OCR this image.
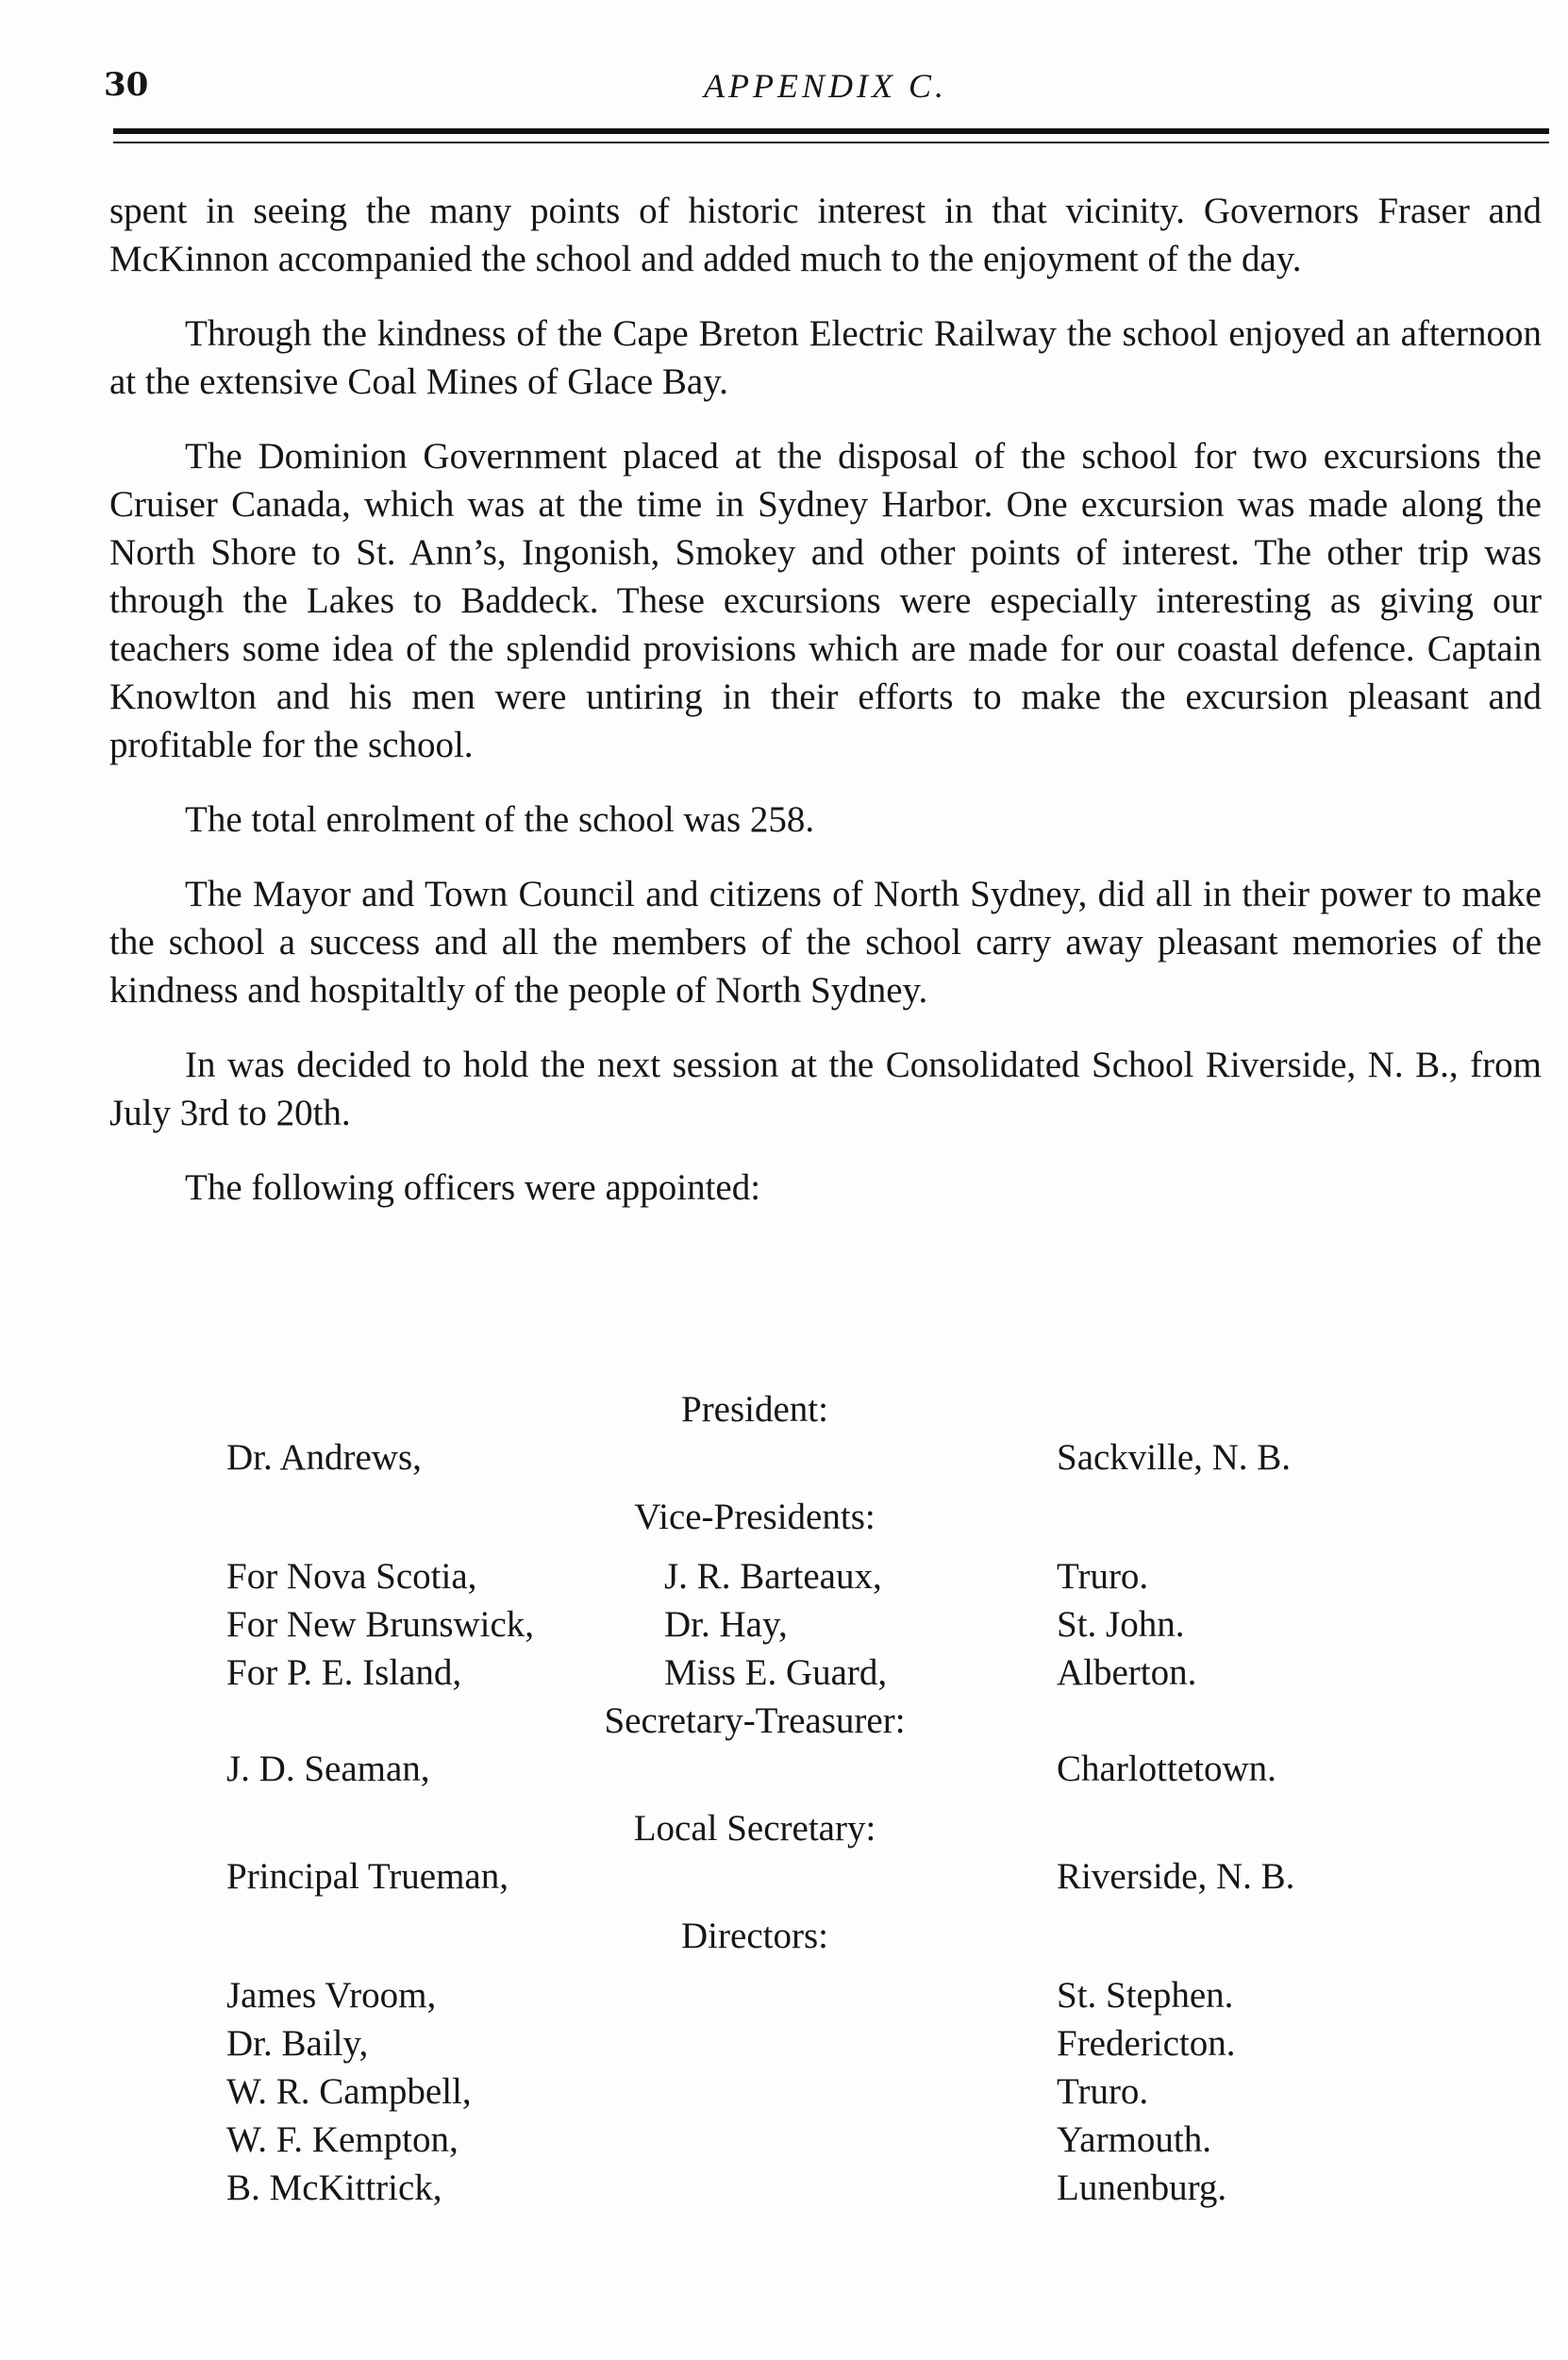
30	APPENDIX C.

spent in seeing the many points of historic interest in that vicinity. Governors Fraser and McKinnon accompanied the school and added much to the enjoyment of the day.

Through the kindness of the Cape Breton Electric Railway the school enjoyed an afternoon at the extensive Coal Mines of Glace Bay.

The Dominion Government placed at the disposal of the school for two excursions the Cruiser Canada, which was at the time in Sydney Harbor. One excursion was made along the North Shore to St. Ann’s, Ingonish, Smokey and other points of interest. The other trip was through the Lakes to Baddeck. These excursions were especially interesting as giving our teachers some idea of the splendid provisions which are made for our coastal defence. Captain Knowlton and his men were untiring in their efforts to make the excursion pleasant and profitable for the school.

The total enrolment of the school was 258.

The Mayor and Town Council and citizens of North Sydney, did all in their power to make the school a success and all the members of the school carry away pleasant memories of the kindness and hospitaltly of the people of North Sydney.

In was decided to hold the next session at the Consolidated School Riverside, N. B., from July 3rd to 20th.

The following officers were appointed:

President:
Dr. Andrews,	Sackville, N. B.
Vice-Presidents:
For Nova Scotia,	J. R. Barteaux,	Truro.
For New Brunswick,	Dr. Hay,	St. John.
For P. E. Island,	Miss E. Guard,	Alberton.
Secretary-Treasurer:
J. D. Seaman,	Charlottetown.
Local Secretary:
Principal Trueman,	Riverside, N. B.
Directors:
James Vroom,	St. Stephen.
Dr. Baily,	Fredericton.
W. R. Campbell,	Truro.
W. F. Kempton,	Yarmouth.
B. McKittrick,	Lunenburg.
